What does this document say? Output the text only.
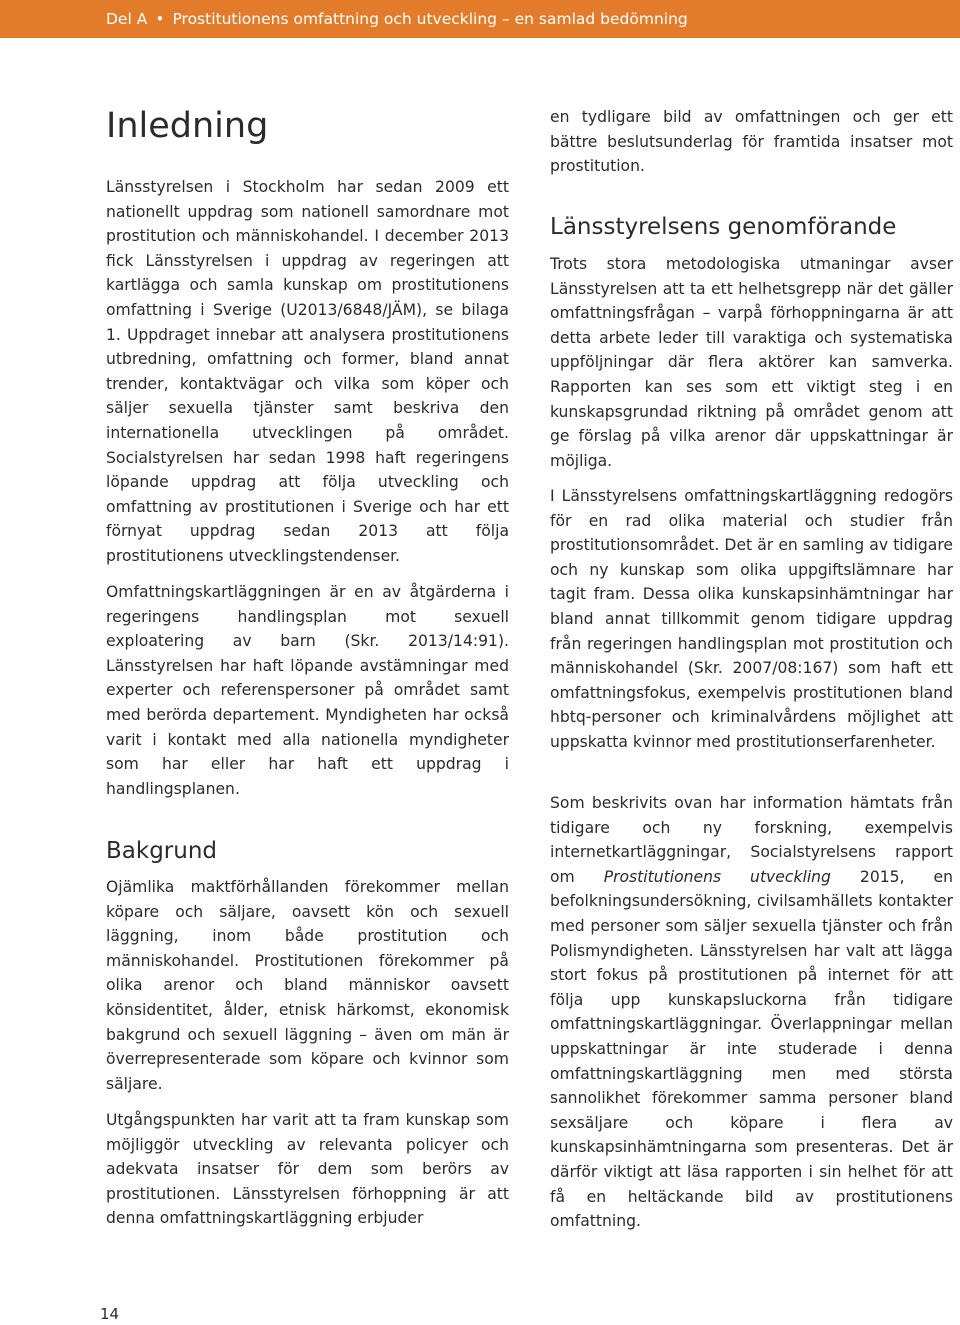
Del A • Prostitutionens omfattning och utveckling – en samlad bedömning
Inledning

Länsstyrelsen i Stockholm har sedan 2009 ett nationellt uppdrag som nationell samordnare mot prostitution och människohandel. I december 2013 fick Länsstyrelsen i uppdrag av regeringen att kartlägga och samla kunskap om prostitutionens omfattning i Sverige (U2013/6848/JÄM), se bilaga 1. Uppdraget innebar att analysera prostitutionens utbredning, omfattning och former, bland annat trender, kontaktvägar och vilka som köper och säljer sexuella tjänster samt beskriva den internationella utvecklingen på området. Socialstyrelsen har sedan 1998 haft regeringens löpande uppdrag att följa utveckling och omfattning av prostitutionen i Sverige och har ett förnyat uppdrag sedan 2013 att följa prostitutionens utvecklingstendenser.

Omfattningskartläggningen är en av åtgärderna i regeringens handlingsplan mot sexuell exploatering av barn (Skr. 2013/14:91). Länsstyrelsen har haft löpande avstämningar med experter och referenspersoner på området samt med berörda departement. Myndigheten har också varit i kontakt med alla nationella myndigheter som har eller har haft ett uppdrag i handlingsplanen.

Bakgrund

Ojämlika maktförhållanden förekommer mellan köpare och säljare, oavsett kön och sexuell läggning, inom både prostitution och människohandel. Prostitutionen förekommer på olika arenor och bland människor oavsett könsidentitet, ålder, etnisk härkomst, ekonomisk bakgrund och sexuell läggning – även om män är överrepresenterade som köpare och kvinnor som säljare.

Utgångspunkten har varit att ta fram kunskap som möjliggör utveckling av relevanta policyer och adekvata insatser för dem som berörs av prostitutionen. Länsstyrelsen förhoppning är att denna omfattningskartläggning erbjuder

en tydligare bild av omfattningen och ger ett bättre beslutsunderlag för framtida insatser mot prostitution.

Länsstyrelsens genomförande

Trots stora metodologiska utmaningar avser Länsstyrelsen att ta ett helhetsgrepp när det gäller omfattningsfrågan – varpå förhoppningarna är att detta arbete leder till varaktiga och systematiska uppföljningar där flera aktörer kan samverka. Rapporten kan ses som ett viktigt steg i en kunskapsgrundad riktning på området genom att ge förslag på vilka arenor där uppskattningar är möjliga.

I Länsstyrelsens omfattningskartläggning redogörs för en rad olika material och studier från prostitutionsområdet. Det är en samling av tidigare och ny kunskap som olika uppgiftslämnare har tagit fram. Dessa olika kunskapsinhämtningar har bland annat tillkommit genom tidigare uppdrag från regeringen handlingsplan mot prostitution och människohandel (Skr. 2007/08:167) som haft ett omfattningsfokus, exempelvis prostitutionen bland hbtq-personer och kriminalvårdens möjlighet att uppskatta kvinnor med prostitutionserfarenheter.

Som beskrivits ovan har information hämtats från tidigare och ny forskning, exempelvis internetkartläggningar, Socialstyrelsens rapport om Prostitutionens utveckling 2015, en befolkningsundersökning, civilsamhällets kontakter med personer som säljer sexuella tjänster och från Polismyndigheten. Länsstyrelsen har valt att lägga stort fokus på prostitutionen på internet för att följa upp kunskapsluckorna från tidigare omfattningskartläggningar. Överlappningar mellan uppskattningar är inte studerade i denna omfattningskartläggning men med största sannolikhet förekommer samma personer bland sexsäljare och köpare i flera av kunskapsinhämtningarna som presenteras. Det är därför viktigt att läsa rapporten i sin helhet för att få en heltäckande bild av prostitutionens omfattning.

14
